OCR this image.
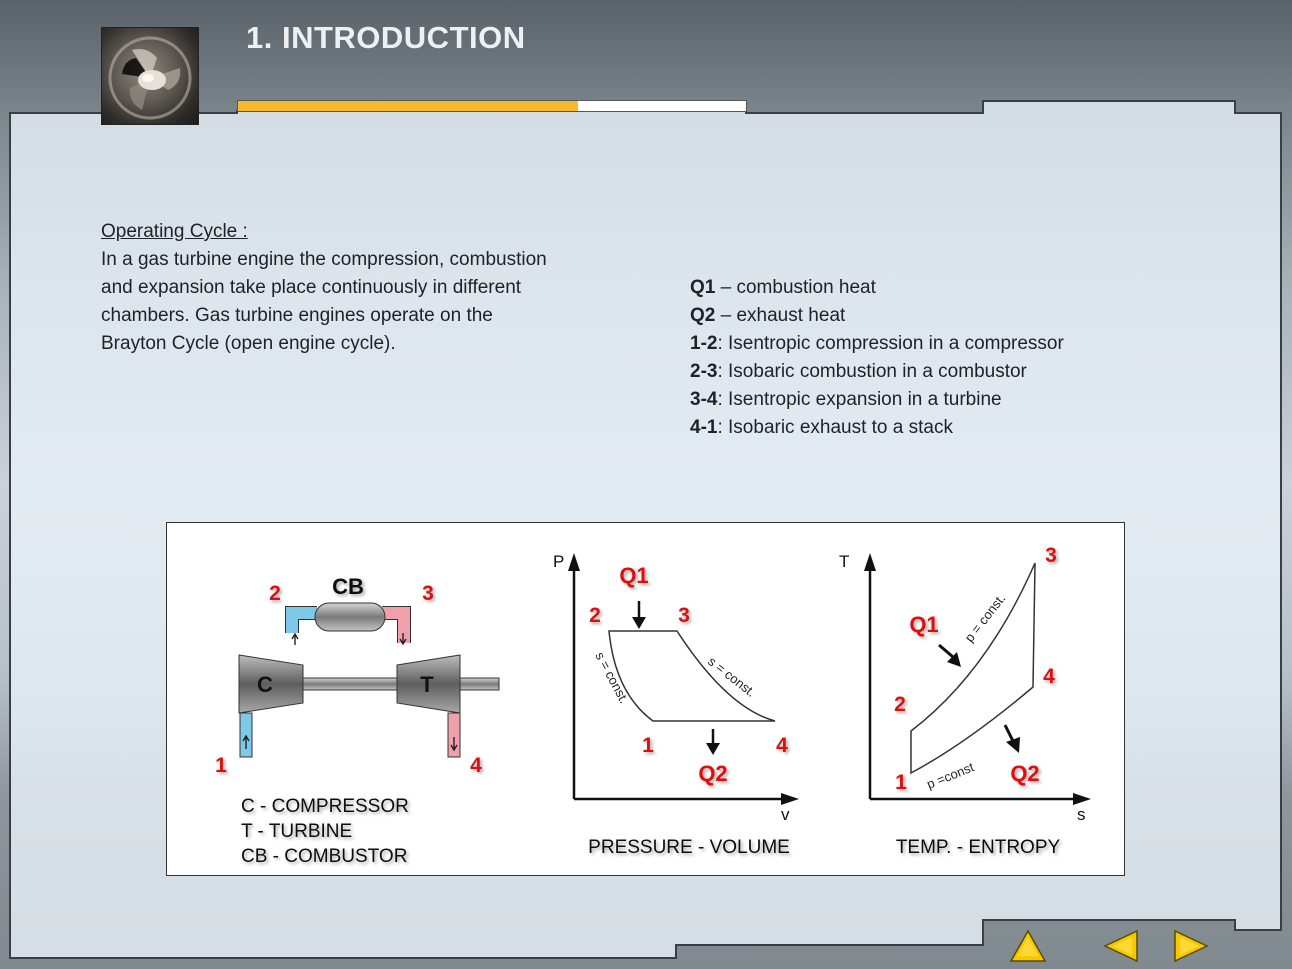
1. INTRODUCTION
Operating Cycle :
In a gas turbine engine the compression, combustion
and expansion take place continuously in different
chambers. Gas turbine engines operate on the
Brayton Cycle (open engine cycle).
Q1 – combustion heat
Q2 – exhaust heat
1-2: Isentropic compression in a compressor
2-3: Isobaric combustion in a combustor
3-4: Isentropic expansion in a turbine
4-1: Isobaric exhaust to a stack
CB
C	T
1
2	3
4
C - COMPRESSOR
T - TURBINE
CB - COMBUSTOR
P
v
s = const.	s = const.
Q1
Q2
1
2	3
4
PRESSURE - VOLUME
T
s
p = const.
p =const
Q1
Q2
1
2
3
4
TEMP. - ENTROPY
